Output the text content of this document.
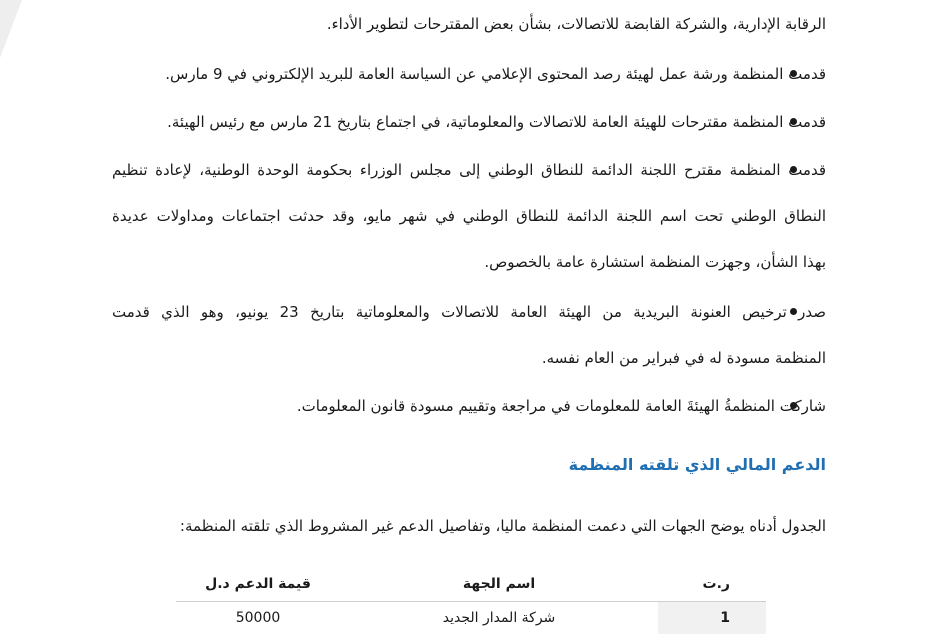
الرقابة الإدارية، والشركة القابضة للاتصالات، بشأن بعض المقترحات لتطوير الأداء.
قدمت المنظمة ورشة عمل لهيئة رصد المحتوى الإعلامي عن السياسة العامة للبريد الإلكتروني في 9 مارس.
قدمت المنظمة مقترحات للهيئة العامة للاتصالات والمعلوماتية، في اجتماع بتاريخ 21 مارس مع رئيس الهيئة.
قدمت المنظمة مقترح اللجنة الدائمة للنطاق الوطني إلى مجلس الوزراء بحكومة الوحدة الوطنية، لإعادة تنظيم
النطاق الوطني تحت اسم اللجنة الدائمة للنطاق الوطني في شهر مايو، وقد حدثت اجتماعات ومداولات عديدة
بهذا الشأن، وجهزت المنظمة استشارة عامة بالخصوص.
صدر ترخيص العنونة البريدية من الهيئة العامة للاتصالات والمعلوماتية بتاريخ 23 يونيو، وهو الذي قدمت
المنظمة مسودة له في فبراير من العام نفسه.
شاركت المنظمةُ الهيئةَ العامة للمعلومات في مراجعة وتقييم مسودة قانون المعلومات.
الدعم المالي الذي تلقته المنظمة
الجدول أدناه يوضح الجهات التي دعمت المنظمة ماليا، وتفاصيل الدعم غير المشروط الذي تلقته المنظمة:
ر.ت	اسم الجهة	قيمة الدعم د.ل
1	شركة المدار الجديد	50000
